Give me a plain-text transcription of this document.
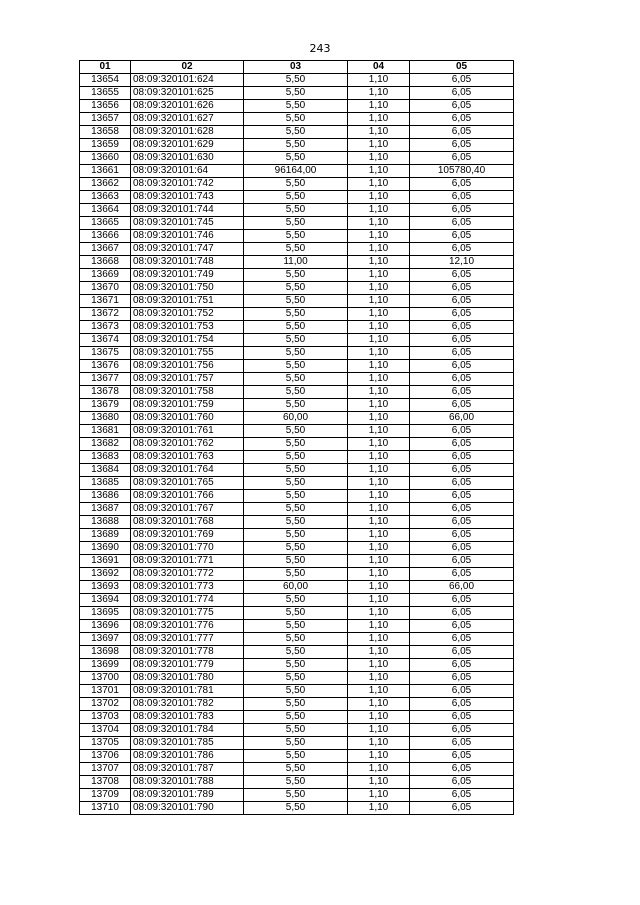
243
01	02	03	04	05
13654	08:09:320101:624	5,50	1,10	6,05
13655	08:09:320101:625	5,50	1,10	6,05
13656	08:09:320101:626	5,50	1,10	6,05
13657	08:09:320101:627	5,50	1,10	6,05
13658	08:09:320101:628	5,50	1,10	6,05
13659	08:09:320101:629	5,50	1,10	6,05
13660	08:09:320101:630	5,50	1,10	6,05
13661	08:09:320101:64	96164,00	1,10	105780,40
13662	08:09:320101:742	5,50	1,10	6,05
13663	08:09:320101:743	5,50	1,10	6,05
13664	08:09:320101:744	5,50	1,10	6,05
13665	08:09:320101:745	5,50	1,10	6,05
13666	08:09:320101:746	5,50	1,10	6,05
13667	08:09:320101:747	5,50	1,10	6,05
13668	08:09:320101:748	11,00	1,10	12,10
13669	08:09:320101:749	5,50	1,10	6,05
13670	08:09:320101:750	5,50	1,10	6,05
13671	08:09:320101:751	5,50	1,10	6,05
13672	08:09:320101:752	5,50	1,10	6,05
13673	08:09:320101:753	5,50	1,10	6,05
13674	08:09:320101:754	5,50	1,10	6,05
13675	08:09:320101:755	5,50	1,10	6,05
13676	08:09:320101:756	5,50	1,10	6,05
13677	08:09:320101:757	5,50	1,10	6,05
13678	08:09:320101:758	5,50	1,10	6,05
13679	08:09:320101:759	5,50	1,10	6,05
13680	08:09:320101:760	60,00	1,10	66,00
13681	08:09:320101:761	5,50	1,10	6,05
13682	08:09:320101:762	5,50	1,10	6,05
13683	08:09:320101:763	5,50	1,10	6,05
13684	08:09:320101:764	5,50	1,10	6,05
13685	08:09:320101:765	5,50	1,10	6,05
13686	08:09:320101:766	5,50	1,10	6,05
13687	08:09:320101:767	5,50	1,10	6,05
13688	08:09:320101:768	5,50	1,10	6,05
13689	08:09:320101:769	5,50	1,10	6,05
13690	08:09:320101:770	5,50	1,10	6,05
13691	08:09:320101:771	5,50	1,10	6,05
13692	08:09:320101:772	5,50	1,10	6,05
13693	08:09:320101:773	60,00	1,10	66,00
13694	08:09:320101:774	5,50	1,10	6,05
13695	08:09:320101:775	5,50	1,10	6,05
13696	08:09:320101:776	5,50	1,10	6,05
13697	08:09:320101:777	5,50	1,10	6,05
13698	08:09:320101:778	5,50	1,10	6,05
13699	08:09:320101:779	5,50	1,10	6,05
13700	08:09:320101:780	5,50	1,10	6,05
13701	08:09:320101:781	5,50	1,10	6,05
13702	08:09:320101:782	5,50	1,10	6,05
13703	08:09:320101:783	5,50	1,10	6,05
13704	08:09:320101:784	5,50	1,10	6,05
13705	08:09:320101:785	5,50	1,10	6,05
13706	08:09:320101:786	5,50	1,10	6,05
13707	08:09:320101:787	5,50	1,10	6,05
13708	08:09:320101:788	5,50	1,10	6,05
13709	08:09:320101:789	5,50	1,10	6,05
13710	08:09:320101:790	5,50	1,10	6,05
